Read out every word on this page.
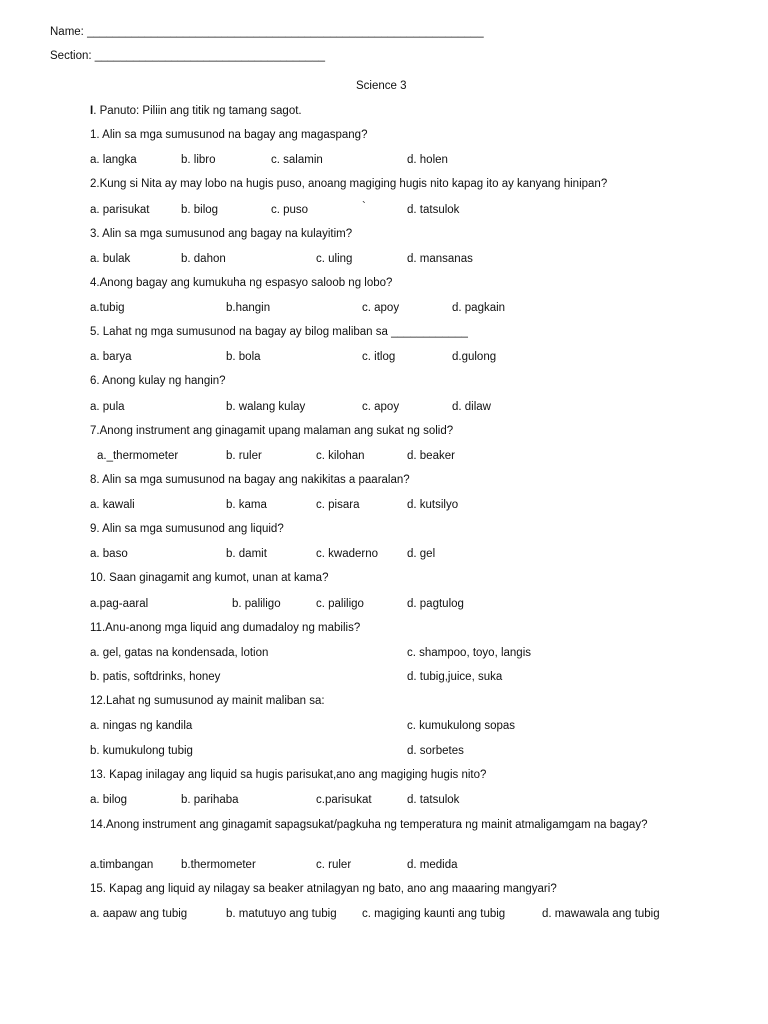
Name: ______________________________________________________________
Section: ____________________________________
Science 3
I. Panuto: Piliin ang titik ng tamang sagot.
1. Alin sa mga sumusunod na bagay ang magaspang?
a. langka	b. libro	c. salamin	d. holen
2.Kung si Nita ay may lobo na hugis puso, anoang magiging hugis nito kapag ito ay kanyang hinipan?
a. parisukat	b. bilog	c. puso	`	d. tatsulok
3. Alin sa mga sumusunod ang bagay na kulayitim?
a. bulak	b. dahon	c. uling	d. mansanas
4.Anong bagay ang kumukuha ng espasyo saloob ng lobo?
a.tubig	b.hangin	c. apoy	d. pagkain
5. Lahat ng mga sumusunod na bagay ay bilog maliban sa ____________
a. barya	b. bola	c. itlog	d.gulong
6. Anong kulay ng hangin?
a. pula	b. walang kulay	c. apoy	d. dilaw
7.Anong instrument ang ginagamit upang malaman ang sukat ng solid?
a._thermometer	b. ruler	c. kilohan	d. beaker
8. Alin sa mga sumusunod na bagay ang nakikitas a paaralan?
a. kawali	b. kama	c. pisara	d. kutsilyo
9. Alin sa mga sumusunod ang liquid?
a. baso	b. damit	c. kwaderno	d. gel
10. Saan ginagamit ang kumot, unan at kama?
a.pag-aaral	b. paliligo	c. paliligo	d. pagtulog
11.Anu-anong mga liquid ang dumadaloy ng mabilis?
a. gel, gatas na kondensada, lotion	c. shampoo, toyo, langis
b. patis, softdrinks, honey	d. tubig,juice, suka
12.Lahat ng sumusunod ay mainit maliban sa:
a. ningas ng kandila	c. kumukulong sopas
b. kumukulong tubig	d. sorbetes
13. Kapag inilagay ang liquid sa hugis parisukat,ano ang magiging hugis nito?
a. bilog	b. parihaba	c.parisukat	d. tatsulok
14.Anong instrument ang ginagamit sapagsukat/pagkuha ng temperatura ng mainit atmaligamgam na bagay?
a.timbangan b.thermometer	c. ruler	d. medida
15. Kapag ang liquid ay nilagay sa beaker atnilagyan ng bato, ano ang maaaring mangyari?
a. aapaw ang tubig	b. matutuyo ang tubig c. magiging kaunti ang tubig	d. mawawala ang tubig
